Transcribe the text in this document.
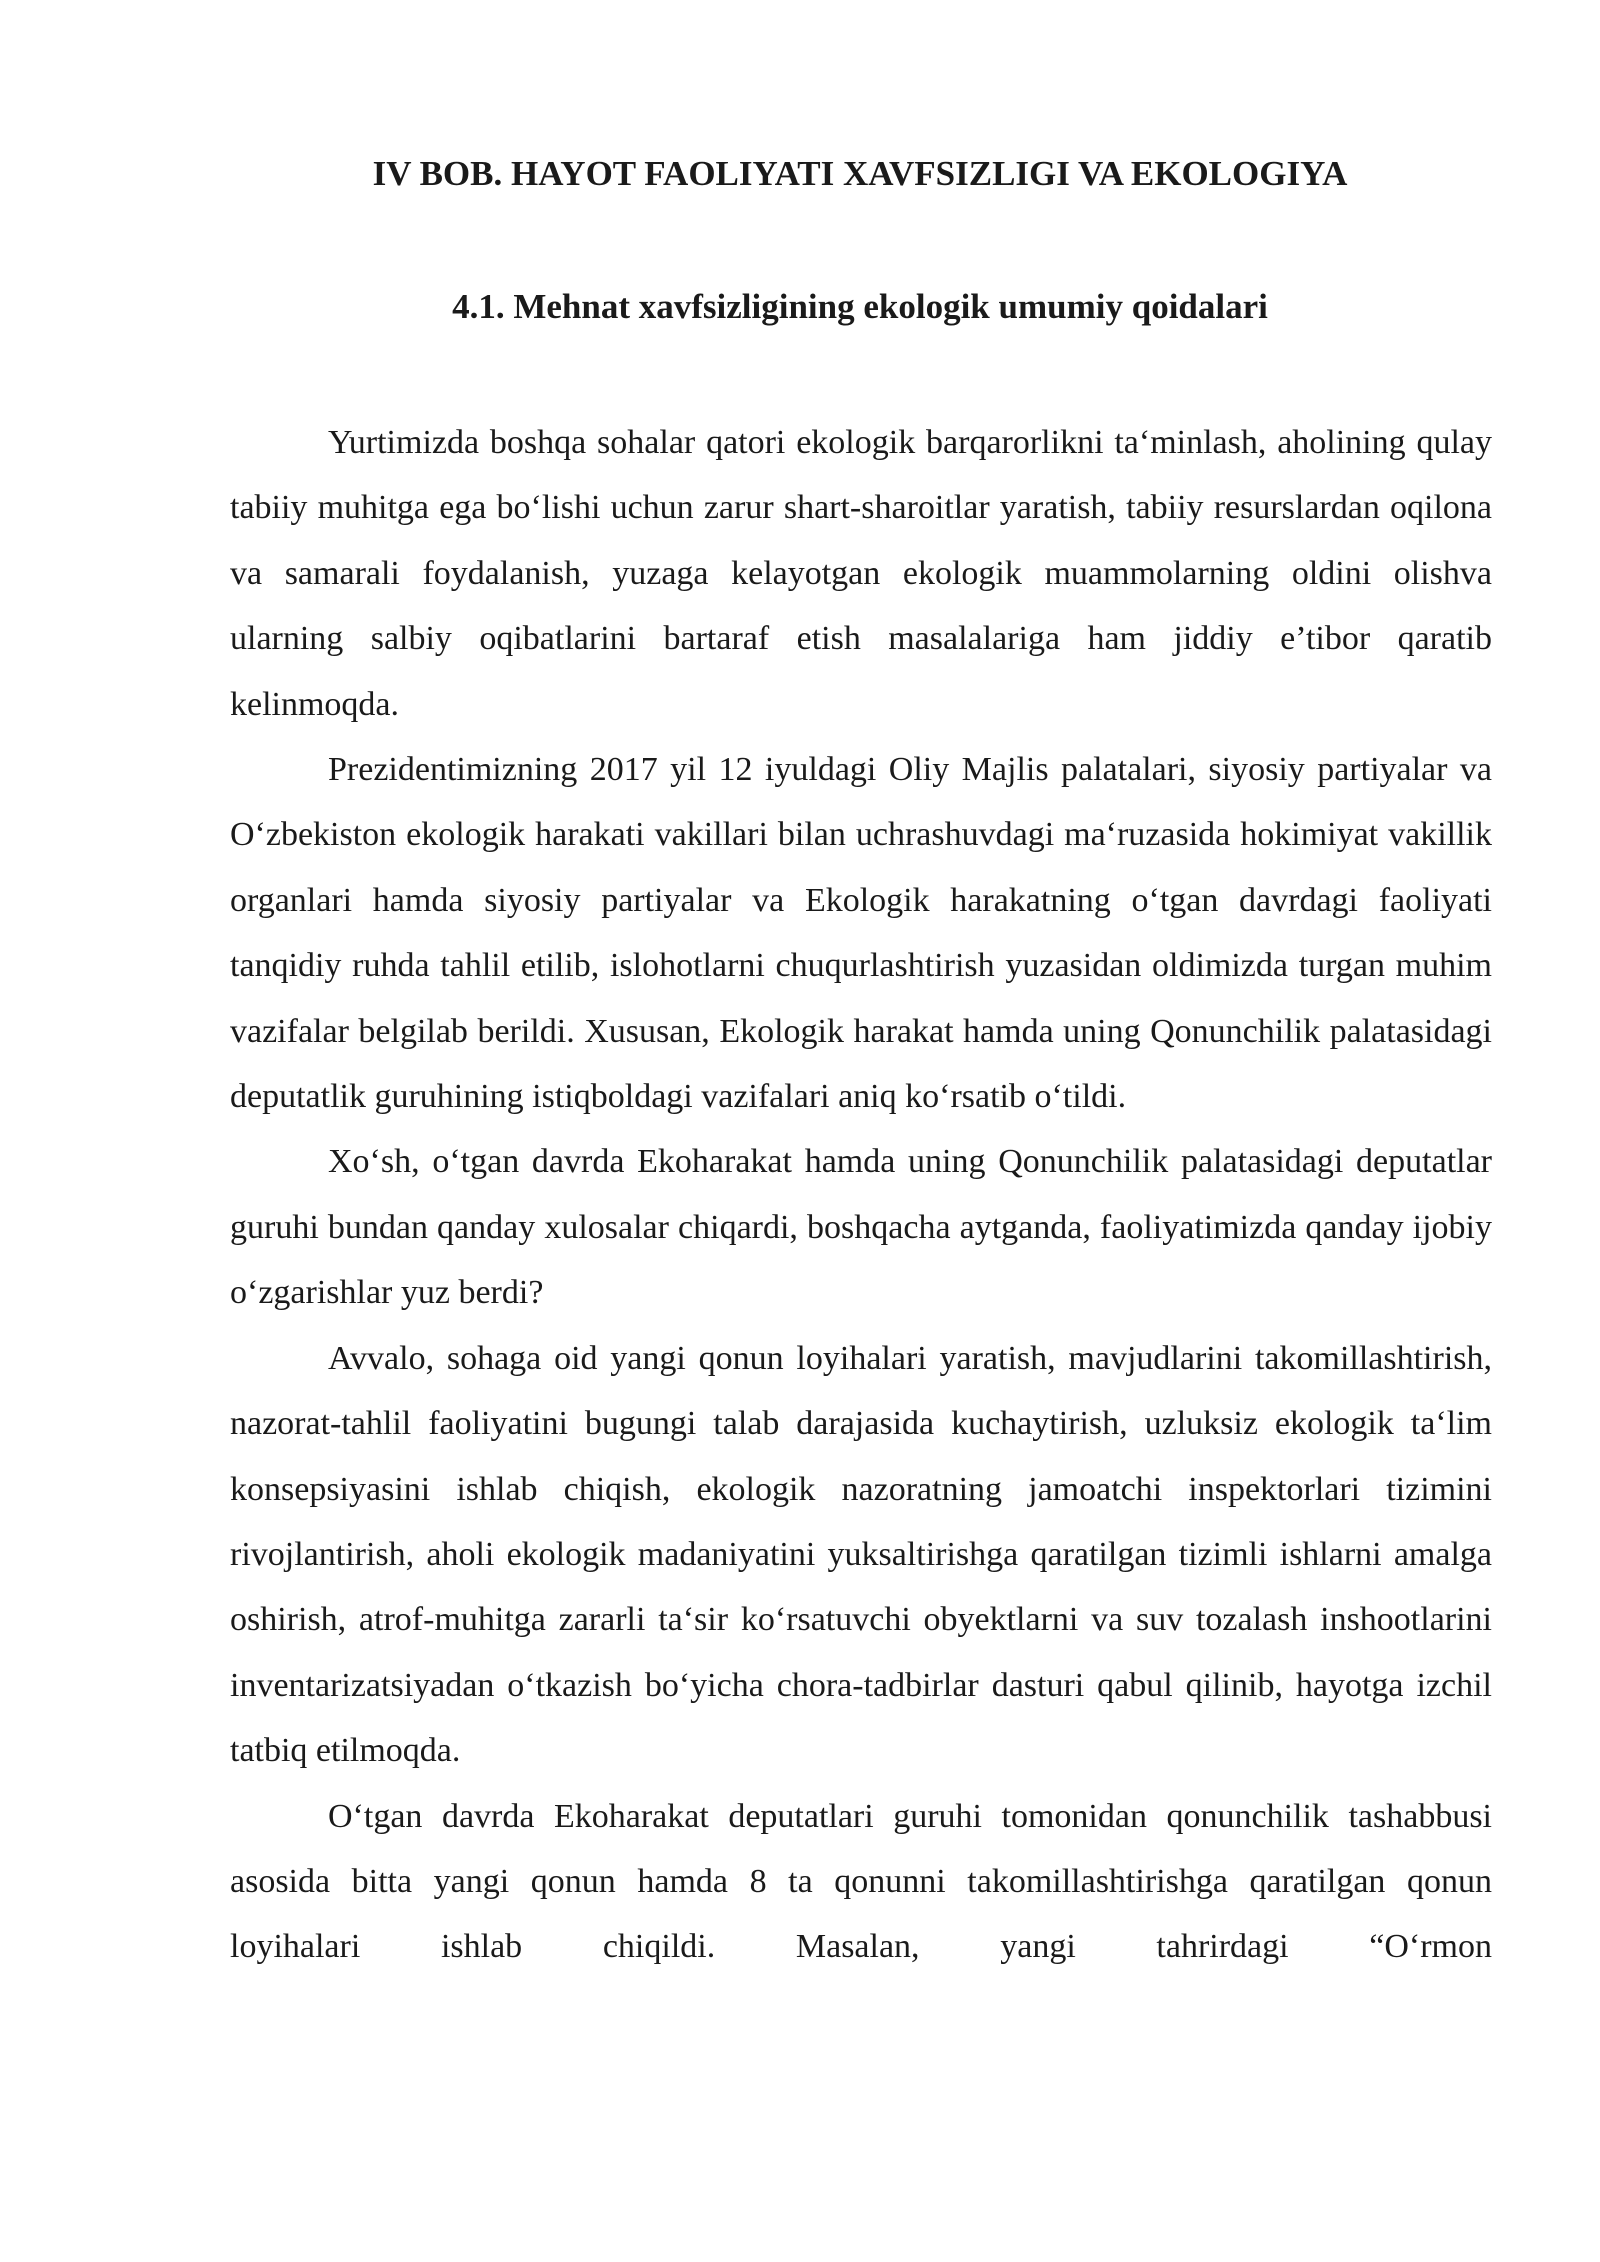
IV BOB. HAYOT FAOLIYATI XAVFSIZLIGI VA EKOLOGIYA
4.1. Mehnat xavfsizligining ekologik umumiy qoidalari

Yurtimizda boshqa sohalar qatori ekologik barqarorlikni ta‘minlash, aholining qulay tabiiy muhitga ega bo‘lishi uchun zarur shart-sharoitlar yaratish, tabiiy resurslardan oqilona va samarali foydalanish, yuzaga kelayotgan ekologik muammolarning oldini olishva ularning salbiy oqibatlarini bartaraf etish masalalariga ham jiddiy e’tibor qaratib kelinmoqda.

Prezidentimizning 2017 yil 12 iyuldagi Oliy Majlis palatalari, siyosiy partiyalar va O‘zbekiston ekologik harakati vakillari bilan uchrashuvdagi ma‘ruzasida hokimiyat vakillik organlari hamda siyosiy partiyalar va Ekologik harakatning o‘tgan davrdagi faoliyati tanqidiy ruhda tahlil etilib, islohotlarni chuqurlashtirish yuzasidan oldimizda turgan muhim vazifalar belgilab berildi. Xususan, Ekologik harakat hamda uning Qonunchilik palatasidagi deputatlik guruhining istiqboldagi vazifalari aniq ko‘rsatib o‘tildi.

Xo‘sh, o‘tgan davrda Ekoharakat hamda uning Qonunchilik palatasidagi deputatlar guruhi bundan qanday xulosalar chiqardi, boshqacha aytganda, faoliyatimizda qanday ijobiy o‘zgarishlar yuz berdi?

Avvalo, sohaga oid yangi qonun loyihalari yaratish, mavjudlarini takomillashtirish, nazorat-tahlil faoliyatini bugungi talab darajasida kuchaytirish, uzluksiz ekologik ta‘lim konsepsiyasini ishlab chiqish, ekologik nazoratning jamoatchi inspektorlari tizimini rivojlantirish, aholi ekologik madaniyatini yuksaltirishga qaratilgan tizimli ishlarni amalga oshirish, atrof-muhitga zararli ta‘sir ko‘rsatuvchi obyektlarni va suv tozalash inshootlarini inventarizatsiyadan o‘tkazish bo‘yicha chora-tadbirlar dasturi qabul qilinib, hayotga izchil tatbiq etilmoqda.

O‘tgan davrda Ekoharakat deputatlari guruhi tomonidan qonunchilik tashabbusi asosida bitta yangi qonun hamda 8 ta qonunni takomillashtirishga qaratilgan qonun loyihalari ishlab chiqildi. Masalan, yangi tahrirdagi “O‘rmon
